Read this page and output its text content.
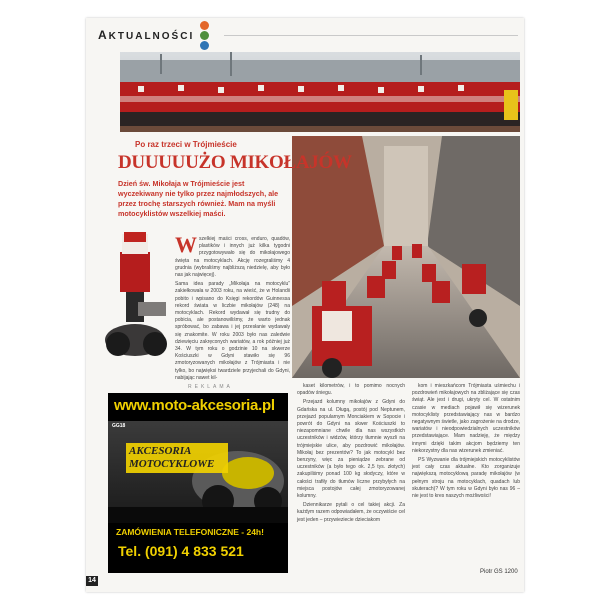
AKTUALNOŚCI
Po raz trzeci w Trójmieście
DUUUUUŻO MIKOŁAJÓW
Dzień św. Mikołaja w Trójmieście jest wyczekiwany nie tylko przez najmłodszych, ale przez trochę starszych również. Mam na myśli motocyklistów wszelkiej maści.
W szelkiej maści cross, enduro, quadów, plastików i innych już kilka tygodni przygotowywało się do mikołajowego święta na motocyklach. Akcję rozegraliśmy 4 grudnia (wybraliśmy najbliższą niedzielę, aby było nas jak najwięcej).

Sama idea parady „Mikołaja na motocyklu” zakiełkowała w 2003 roku, na wieść, że w Holandii pobito i wpisano do Księgi rekordów Guinnessa rekord świata w liczbie mikołajów (248) na motocyklach. Rekord wydawał się trudny do pobicia, ale postanowiliśmy, że warto jednak spróbować, bo zabawa i jej przesłanie wydawały się znakomite. W roku 2003 było nas zaledwie dziewięciu zakręconych wariatów, a rok później już 34. W tym roku o godzinie 10 na skwerze Kościuszki w Gdyni stawiło się 96 zmotoryzowanych mikołajów z Trójmiasta i nie tylko, bo najwięksi twardziele przyjechali do Gdyni, nabijając nawet kil-

kaset kilometrów, i to pomimo nocnych opadów śniegu.

Przejazd kolumny mikołajów z Gdyni do Gdańska na ul. Długą, postój pod Neptunem, przejazd popularnym Monciakiem w Sopocie i powrót do Gdyni na skwer Kościuszki to niezapomniane chwile dla nas wszystkich uczestników i widzów, którzy tłumnie wyszli na trójmiejskie ulice, aby pozdrowić mikołajów. Mikołaj bez prezentów? To jak motocykl bez benzyny, więc za pieniądze zebrane od uczestników (a było tego ok. 2,5 tys. złotych) zakupiliśmy ponad 100 kg słodyczy, które w całości trafiły do tłumów liczne przybyłych na miejsca postojów całej zmotoryzowanej kolumny.

Dziennikarze pytali o cel takiej akcji. Za każdym razem odpowiadałem, że oczywiście cel jest jeden – przywieziecie dzieciakom

kom i mieszkańcom Trójmiasta uśmiechu i pozdrowień mikołajowych na zbliżające się czas świąt. Ale jest i drugi, ukryty cel. W ostatnim czasie w mediach pojawił się wizerunek motocyklisty przedstawiający nas w bardzo negatywnym świetle, jako zagrożenie na drodze, wariatów i nieodpowiedzialnych uczestników przedstawiające. Mam nadzieję, że między innymi dzięki takim akcjom będziemy ten niekorzystny dla nas wizerunek zmieniać.

PS Wyzwanie dla trójmiejskich motocyklistów jest cały czas aktualne. Kto zorganizuje największą motocyklową paradę mikołajów (w pełnym stroju na motocyklach, quadach lub skuterach)? W tym roku w Gdyni było nas 96 – nie jest to kres naszych możliwości!

Piotr GS 1200
REKLAMA
www.moto-akcesoria.pl
GG18
AKCESORIA MOTOCYKLOWE
ZAMÓWIENIA TELEFONICZNE - 24h!
Tel. (091) 4 833 521
14
